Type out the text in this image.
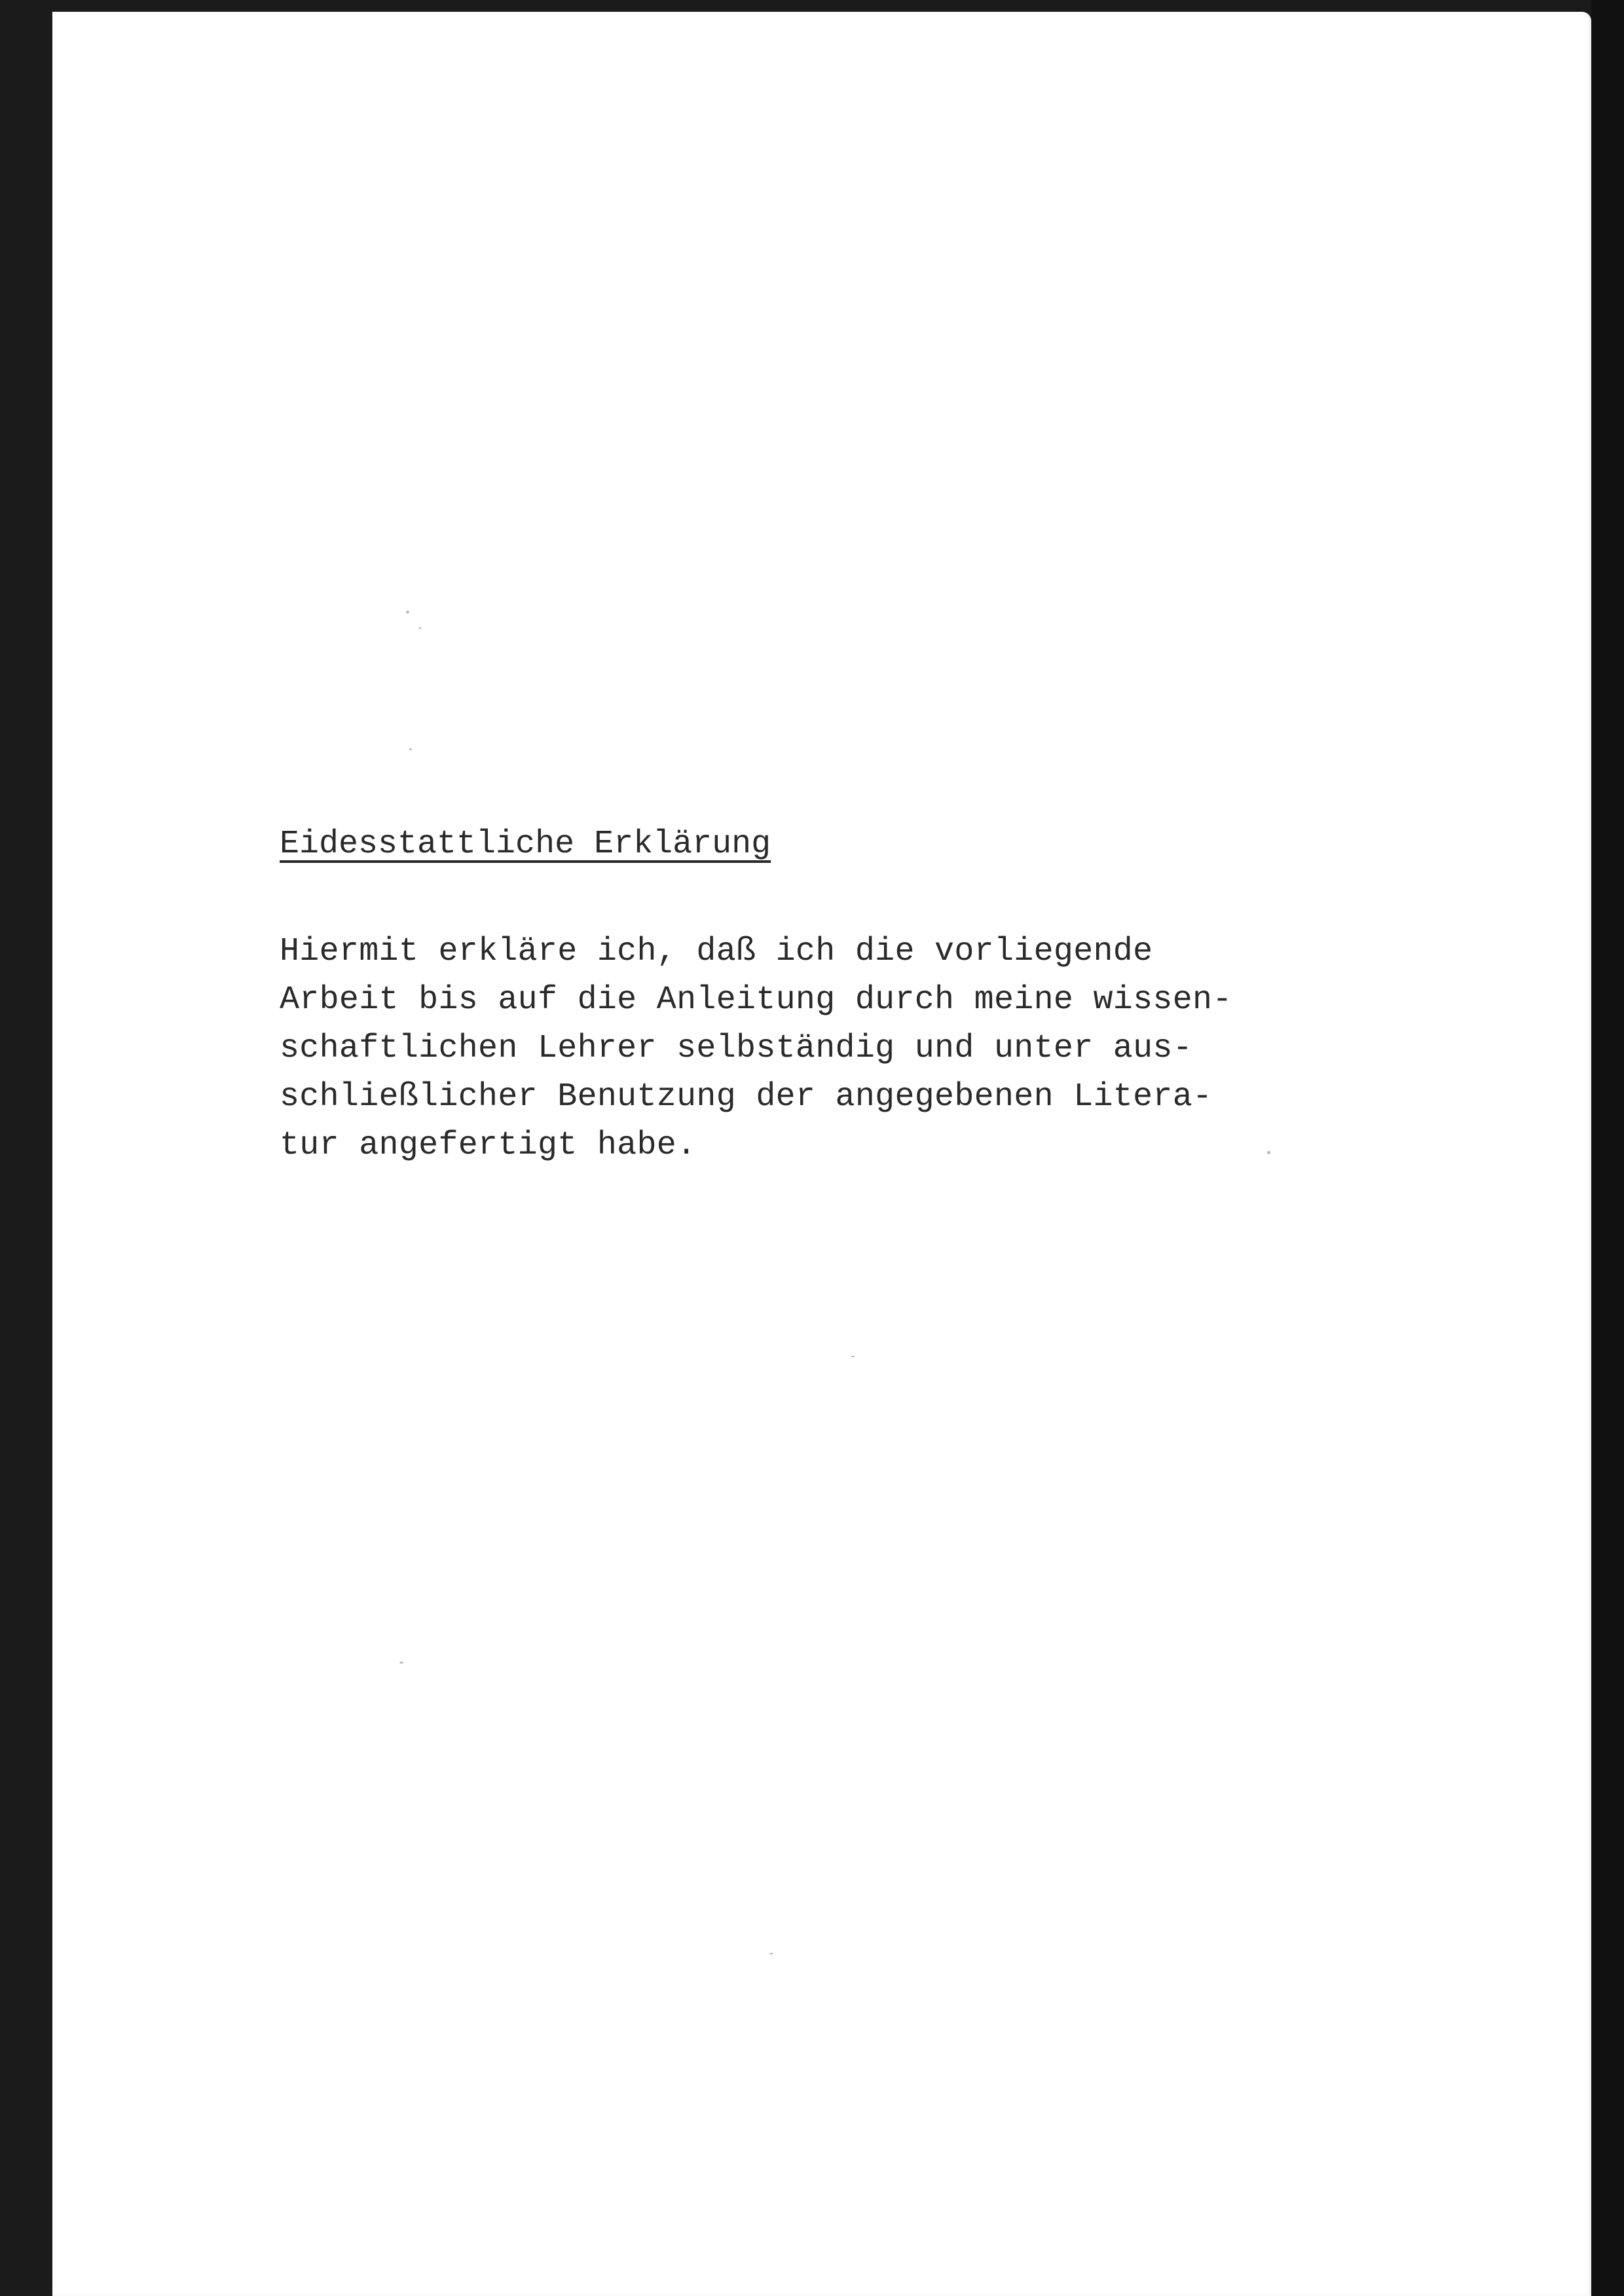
Eidesstattliche Erklärung

Hiermit erkläre ich, daß ich die vorliegende
Arbeit bis auf die Anleitung durch meine wissen-
schaftlichen Lehrer selbständig und unter aus-
schließlicher Benutzung der angegebenen Litera-
tur angefertigt habe.
